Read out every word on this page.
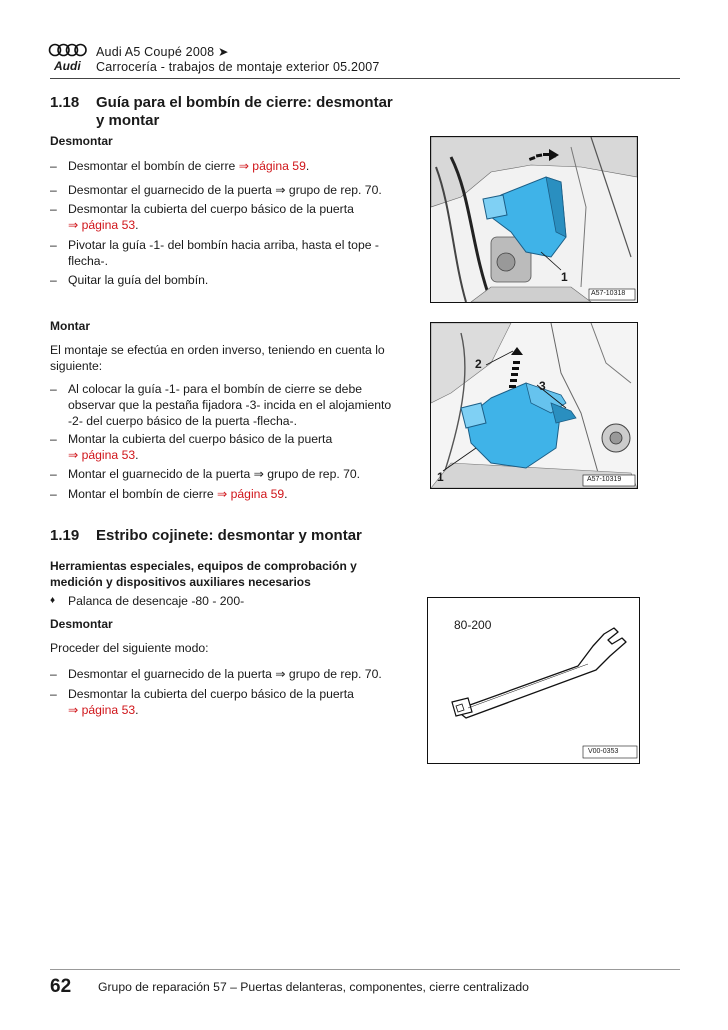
Audi
Audi A5 Coupé 2008 ➤
Carrocería - trabajos de montaje exterior 05.2007
1.18 Guía para el bombín de cierre: desmontar
y montar
Desmontar
– Desmontar el bombín de cierre ⇒ página 59.
– Desmontar el guarnecido de la puerta ⇒ grupo de rep. 70.
– Desmontar la cubierta del cuerpo básico de la puerta
⇒ página 53.
– Pivotar la guía -1- del bombín hacia arriba, hasta el tope -flecha-.
– Quitar la guía del bombín.	1
A57-10318
Montar
El montaje se efectúa en orden inverso, teniendo en cuenta lo siguiente:
– Al colocar la guía -1- para el bombín de cierre se debe observar que la pestaña fijadora -3- incida en el alojamiento -2- del cuerpo básico de la puerta -flecha-.
– Montar la cubierta del cuerpo básico de la puerta
⇒ página 53.
– Montar el guarnecido de la puerta ⇒ grupo de rep. 70.
– Montar el bombín de cierre ⇒ página 59.
2
3
1	A57-10319
1.19 Estribo cojinete: desmontar y montar
Herramientas especiales, equipos de comprobación y medición y dispositivos auxiliares necesarios
♦ Palanca de desencaje -80 - 200-
Desmontar
Proceder del siguiente modo:
– Desmontar el guarnecido de la puerta ⇒ grupo de rep. 70.
– Desmontar la cubierta del cuerpo básico de la puerta
⇒ página 53.
80-200
V00-0353
62 Grupo de reparación 57 – Puertas delanteras, componentes, cierre centralizado
